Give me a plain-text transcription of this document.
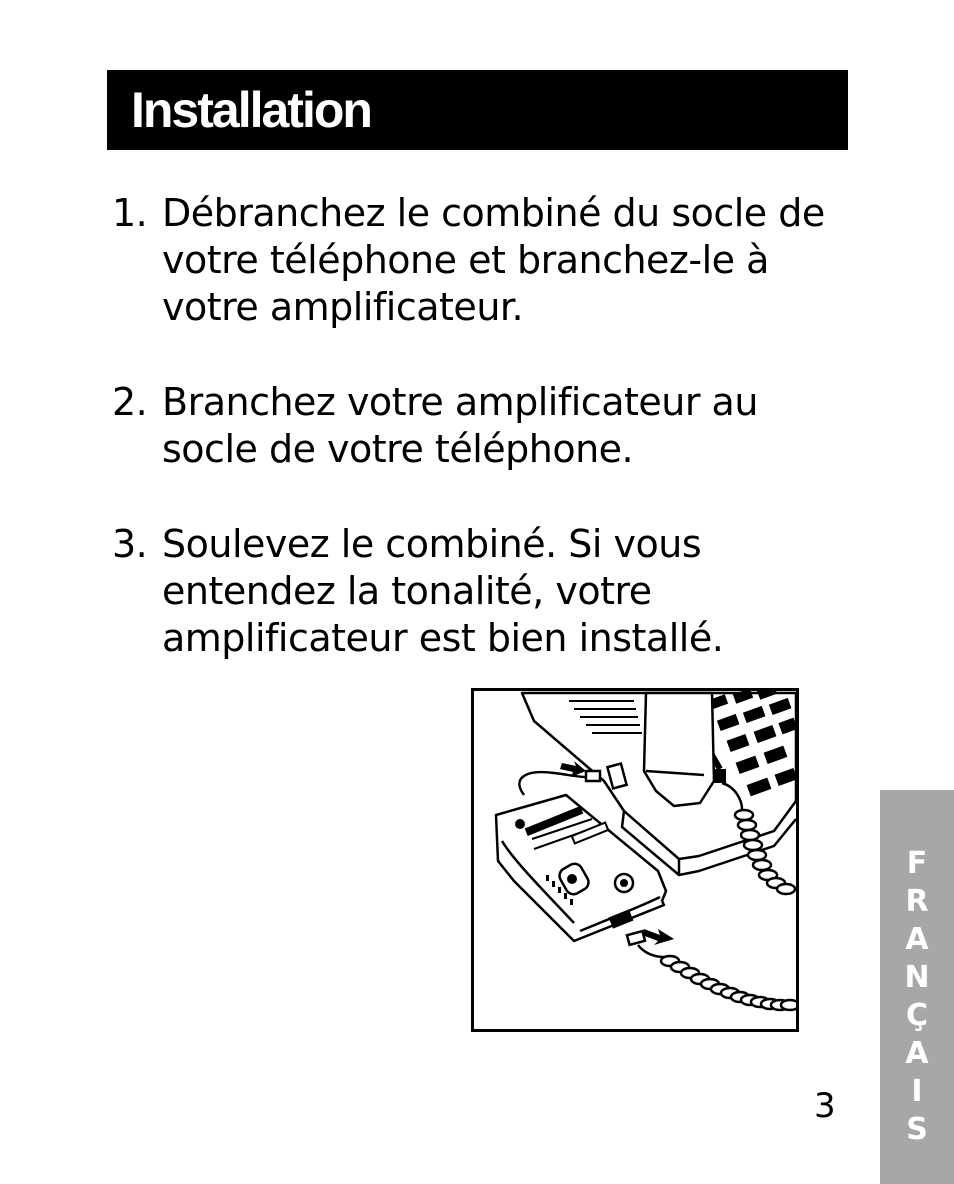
Installation
1. Débranchez le combiné du socle de votre téléphone et branchez-le à votre amplificateur.
2. Branchez votre amplificateur au socle de votre téléphone.
3. Soulevez le combiné. Si vous entendez la tonalité, votre amplificateur est bien installé.
F
R
A
N
Ç
A
I
S
3
